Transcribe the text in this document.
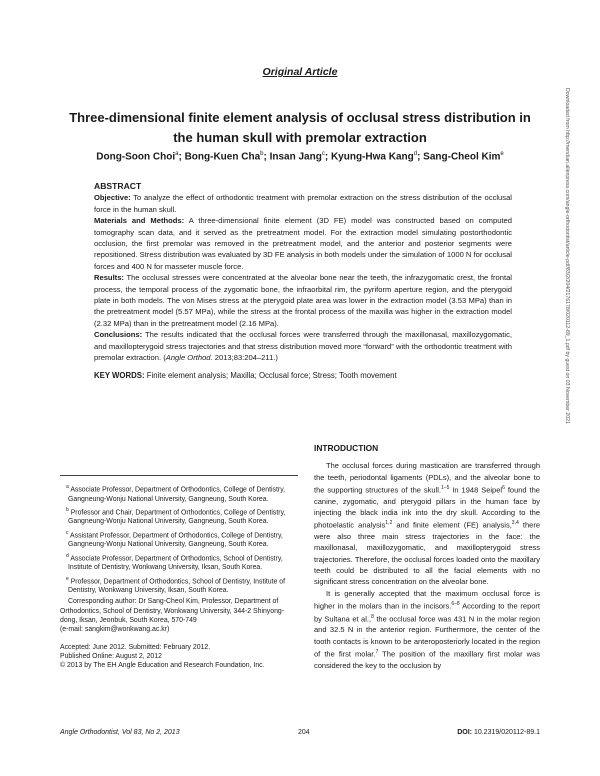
Original Article
Three-dimensional finite element analysis of occlusal stress distribution in the human skull with premolar extraction
Dong-Soon Choi$^a$; Bong-Kuen Cha$^b$; Insan Jang$^c$; Kyung-Hwa Kang$^d$; Sang-Cheol Kim$^e$

ABSTRACT

Objective: To analyze the effect of orthodontic treatment with premolar extraction on the stress distribution of the occlusal force in the human skull.

Materials and Methods: A three-dimensional finite element (3D FE) model was constructed based on computed tomography scan data, and it served as the pretreatment model. For the extraction model simulating postorthodontic occlusion, the first premolar was removed in the pretreatment model, and the anterior and posterior segments were repositioned. Stress distribution was evaluated by 3D FE analysis in both models under the simulation of 1000 N for occlusal forces and 400 N for masseter muscle force.

Results: The occlusal stresses were concentrated at the alveolar bone near the teeth, the infrazygomatic crest, the frontal process, the temporal process of the zygomatic bone, the infraorbital rim, the pyriform aperture region, and the pterygoid plate in both models. The von Mises stress at the pterygoid plate area was lower in the extraction model (3.53 MPa) than in the pretreatment model (5.57 MPa), while the stress at the frontal process of the maxilla was higher in the extraction model (2.32 MPa) than in the pretreatment model (2.16 MPa).

Conclusions: The results indicated that the occlusal forces were transferred through the maxillonasal, maxillozygomatic, and maxillopterygoid stress trajectories and that stress distribution moved more “forward” with the orthodontic treatment with premolar extraction. (Angle Orthod. 2013;83:204–211.)

KEY WORDS: Finite element analysis; Maxilla; Occlusal force; Stress; Tooth movement	Downloaded from http://meridian.allenpress.com/angle-orthodontist/article-pdf/83/2/204/2176178/020112-89_1.pdf by guest on 03 November 2021

$^a$ Associate Professor, Department of Orthodontics, College of Dentistry, Gangneung-Wonju National University, Gangneung, South Korea.

$^b$ Professor and Chair, Department of Orthodontics, College of Dentistry, Gangneung-Wonju National University, Gangneung, South Korea.

$^c$ Assistant Professor, Department of Orthodontics, College of Dentistry, Gangneung-Wonju National University, Gangneung, South Korea.

$^d$ Associate Professor, Department of Orthodontics, School of Dentistry, Institute of Dentistry, Wonkwang University, Iksan, South Korea.

$^e$ Professor, Department of Orthodontics, School of Dentistry, Institute of Dentistry, Wonkwang University, Iksan, South Korea.

Corresponding author: Dr Sang-Cheol Kim, Professor, Department of Orthodontics, School of Dentistry, Wonkwang University, 344-2 Shinyong-dong, Iksan, Jeonbuk, South Korea, 570-749

(e-mail: sangkim@wonkwang.ac.kr)

Accepted: June 2012. Submitted: February 2012.

Published Online: August 2, 2012

© 2013 by The EH Angle Education and Research Foundation, Inc.

INTRODUCTION

The occlusal forces during mastication are transferred through the teeth, periodontal ligaments (PDLs), and the alveolar bone to the supporting structures of the skull.$^{1-5}$ In 1948 Seipel$^6$ found the canine, zygomatic, and pterygoid pillars in the human face by injecting the black india ink into the dry skull. According to the photoelastic analysis$^{1,2}$ and finite element (FE) analysis,$^{3,4}$ there were also three main stress trajectories in the face: the maxillonasal, maxillozygomatic, and maxillopterygoid stress trajectories. Therefore, the occlusal forces loaded onto the maxillary teeth could be distributed to all the facial elements with no significant stress concentration on the alveolar bone.

It is generally accepted that the maximum occlusal force is higher in the molars than in the incisors.$^{6-8}$ According to the report by Sultana et al.,$^8$ the occlusal force was 431 N in the molar region and 32.5 N in the anterior region. Furthermore, the center of the tooth contacts is known to be anteroposteriorly located in the region of the first molar.$^7$ The position of the maxillary first molar was considered the key to the occlusion by

Angle Orthodontist, Vol 83, No 2, 2013	204	DOI: 10.2319/020112-89.1
